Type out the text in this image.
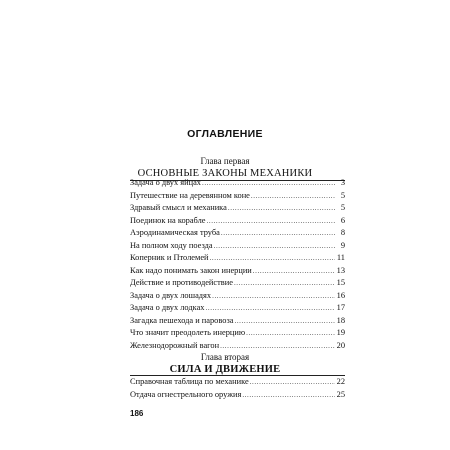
ОГЛАВЛЕНИЕ

Глава первая

ОСНОВНЫЕ ЗАКОНЫ МЕХАНИКИ

Задача о двух яйцах .....	3
Путешествие на деревянном коне .....	5
Здравый смысл и механика .....	5
Поединок на корабле .....	6
Аэродинамическая труба .....	8
На полном ходу поезда .....	9
Коперник и Птолемей .....	11
Как надо понимать закон инерции .....	13
Действие и противодействие .....	15
Задача о двух лошадях .....	16
Задача о двух лодках .....	17
Загадка пешехода и паровоза .....	18
Что значит преодолеть инерцию .....	19
Железнодорожный вагон .....	20

Глава вторая

СИЛА И ДВИЖЕНИЕ

Справочная таблица по механике .....	22
Отдача огнестрельного оружия .....	25

186
